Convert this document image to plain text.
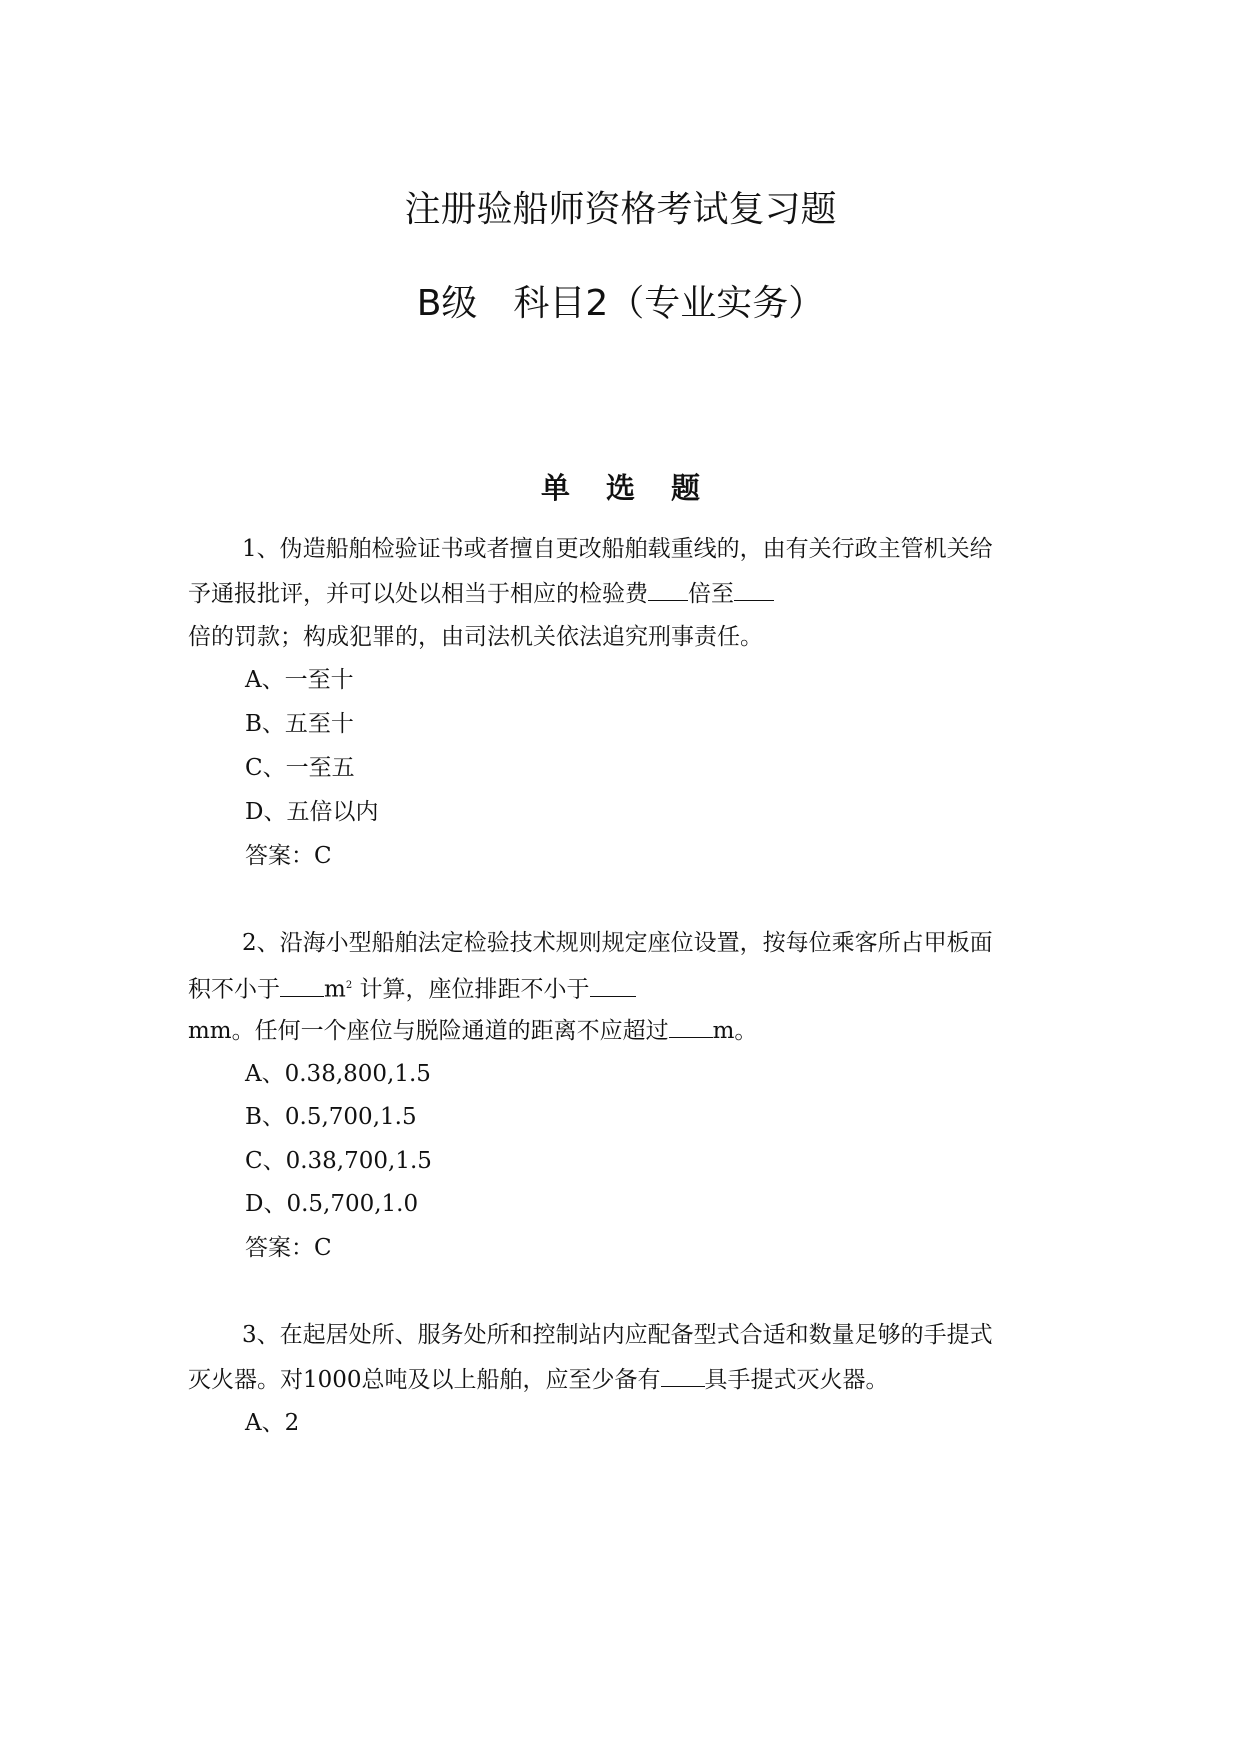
注册验船师资格考试复习题
B级　科目2（专业实务）
单选题
1、伪造船舶检验证书或者擅自更改船舶载重线的，由有关行政主管机关给
予通报批评，并可以处以相当于相应的检验费 倍至
倍的罚款；构成犯罪的，由司法机关依法追究刑事责任。
A、一至十
B、五至十
C、一至五
D、五倍以内
答案：C
2、沿海小型船舶法定检验技术规则规定座位设置，按每位乘客所占甲板面
积不小于 $m^2$ 计算，座位排距不小于
mm。任何一个座位与脱险通道的距离不应超过 m。
A、0.38,800,1.5
B、0.5,700,1.5
C、0.38,700,1.5
D、0.5,700,1.0
答案：C
3、在起居处所、服务处所和控制站内应配备型式合适和数量足够的手提式
灭火器。对1000总吨及以上船舶，应至少备有 具手提式灭火器。
A、2
